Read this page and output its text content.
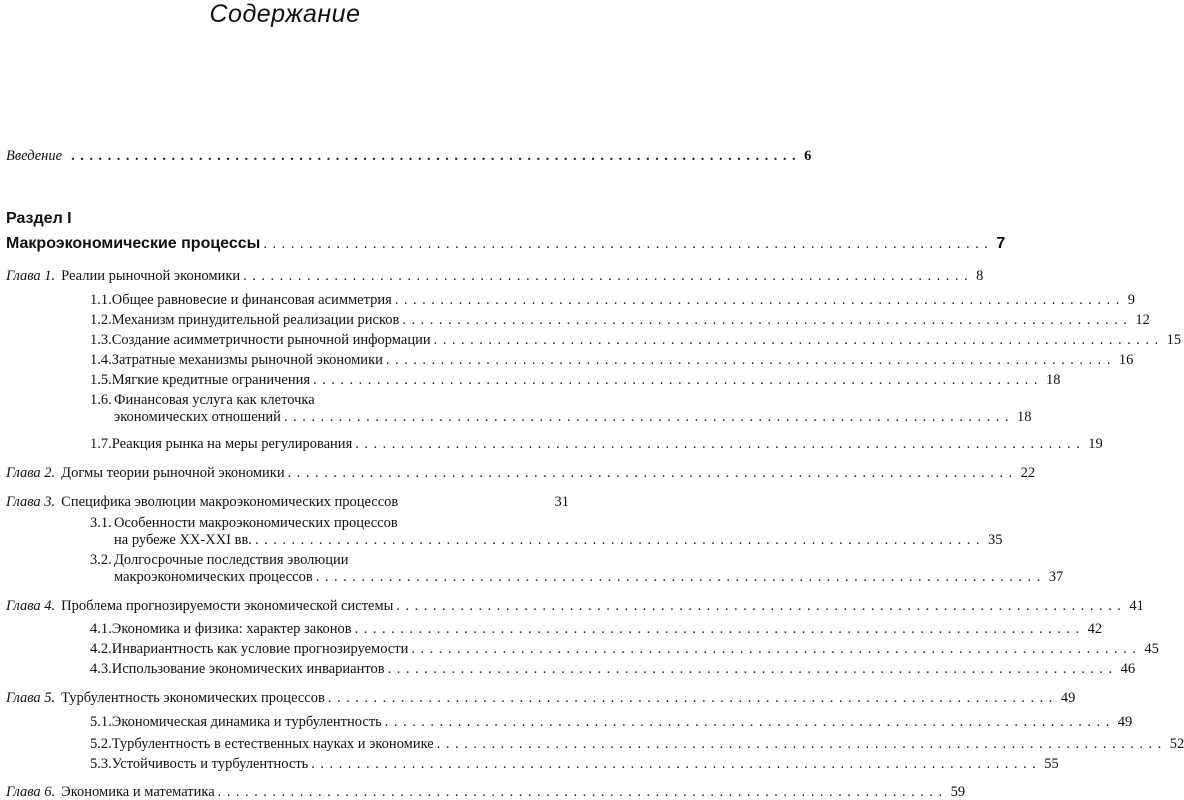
Содержание
Введение ................................................................................ 6
Раздел I
Макроэкономические процессы ................................................................................ 7
Глава 1. Реалии рыночной экономики ................................................................................ 8
1.1. Общее равновесие и финансовая асимметрия ................................................................................ 9
1.2. Механизм принудительной реализации рисков ................................................................................ 12
1.3. Создание асимметричности рыночной информации ................................................................................ 15
1.4. Затратные механизмы рыночной экономики ................................................................................ 16
1.5. Мягкие кредитные ограничения ................................................................................ 18
1.6. Финансовая услуга как клеточка
экономических отношений ................................................................................ 18
1.7. Реакция рынка на меры регулирования ................................................................................ 19
Глава 2. Догмы теории рыночной экономики ................................................................................ 22
Глава 3. Специфика эволюции макроэкономических процессов	31
3.1. Особенности макроэкономических процессов
на рубеже XX-XXI вв. ................................................................................ 35
3.2. Долгосрочные последствия эволюции
макроэкономических процессов ................................................................................ 37
Глава 4. Проблема прогнозируемости экономической системы ................................................................................ 41
4.1. Экономика и физика: характер законов ................................................................................ 42
4.2. Инвариантность как условие прогнозируемости ................................................................................ 45
4.3. Использование экономических инвариантов ................................................................................ 46
Глава 5. Турбулентность экономических процессов ................................................................................ 49
5.1. Экономическая динамика и турбулентность ................................................................................ 49
5.2. Турбулентность в естественных науках и экономике ................................................................................ 52
5.3. Устойчивость и турбулентность ................................................................................ 55
Глава 6. Экономика и математика ................................................................................ 59
